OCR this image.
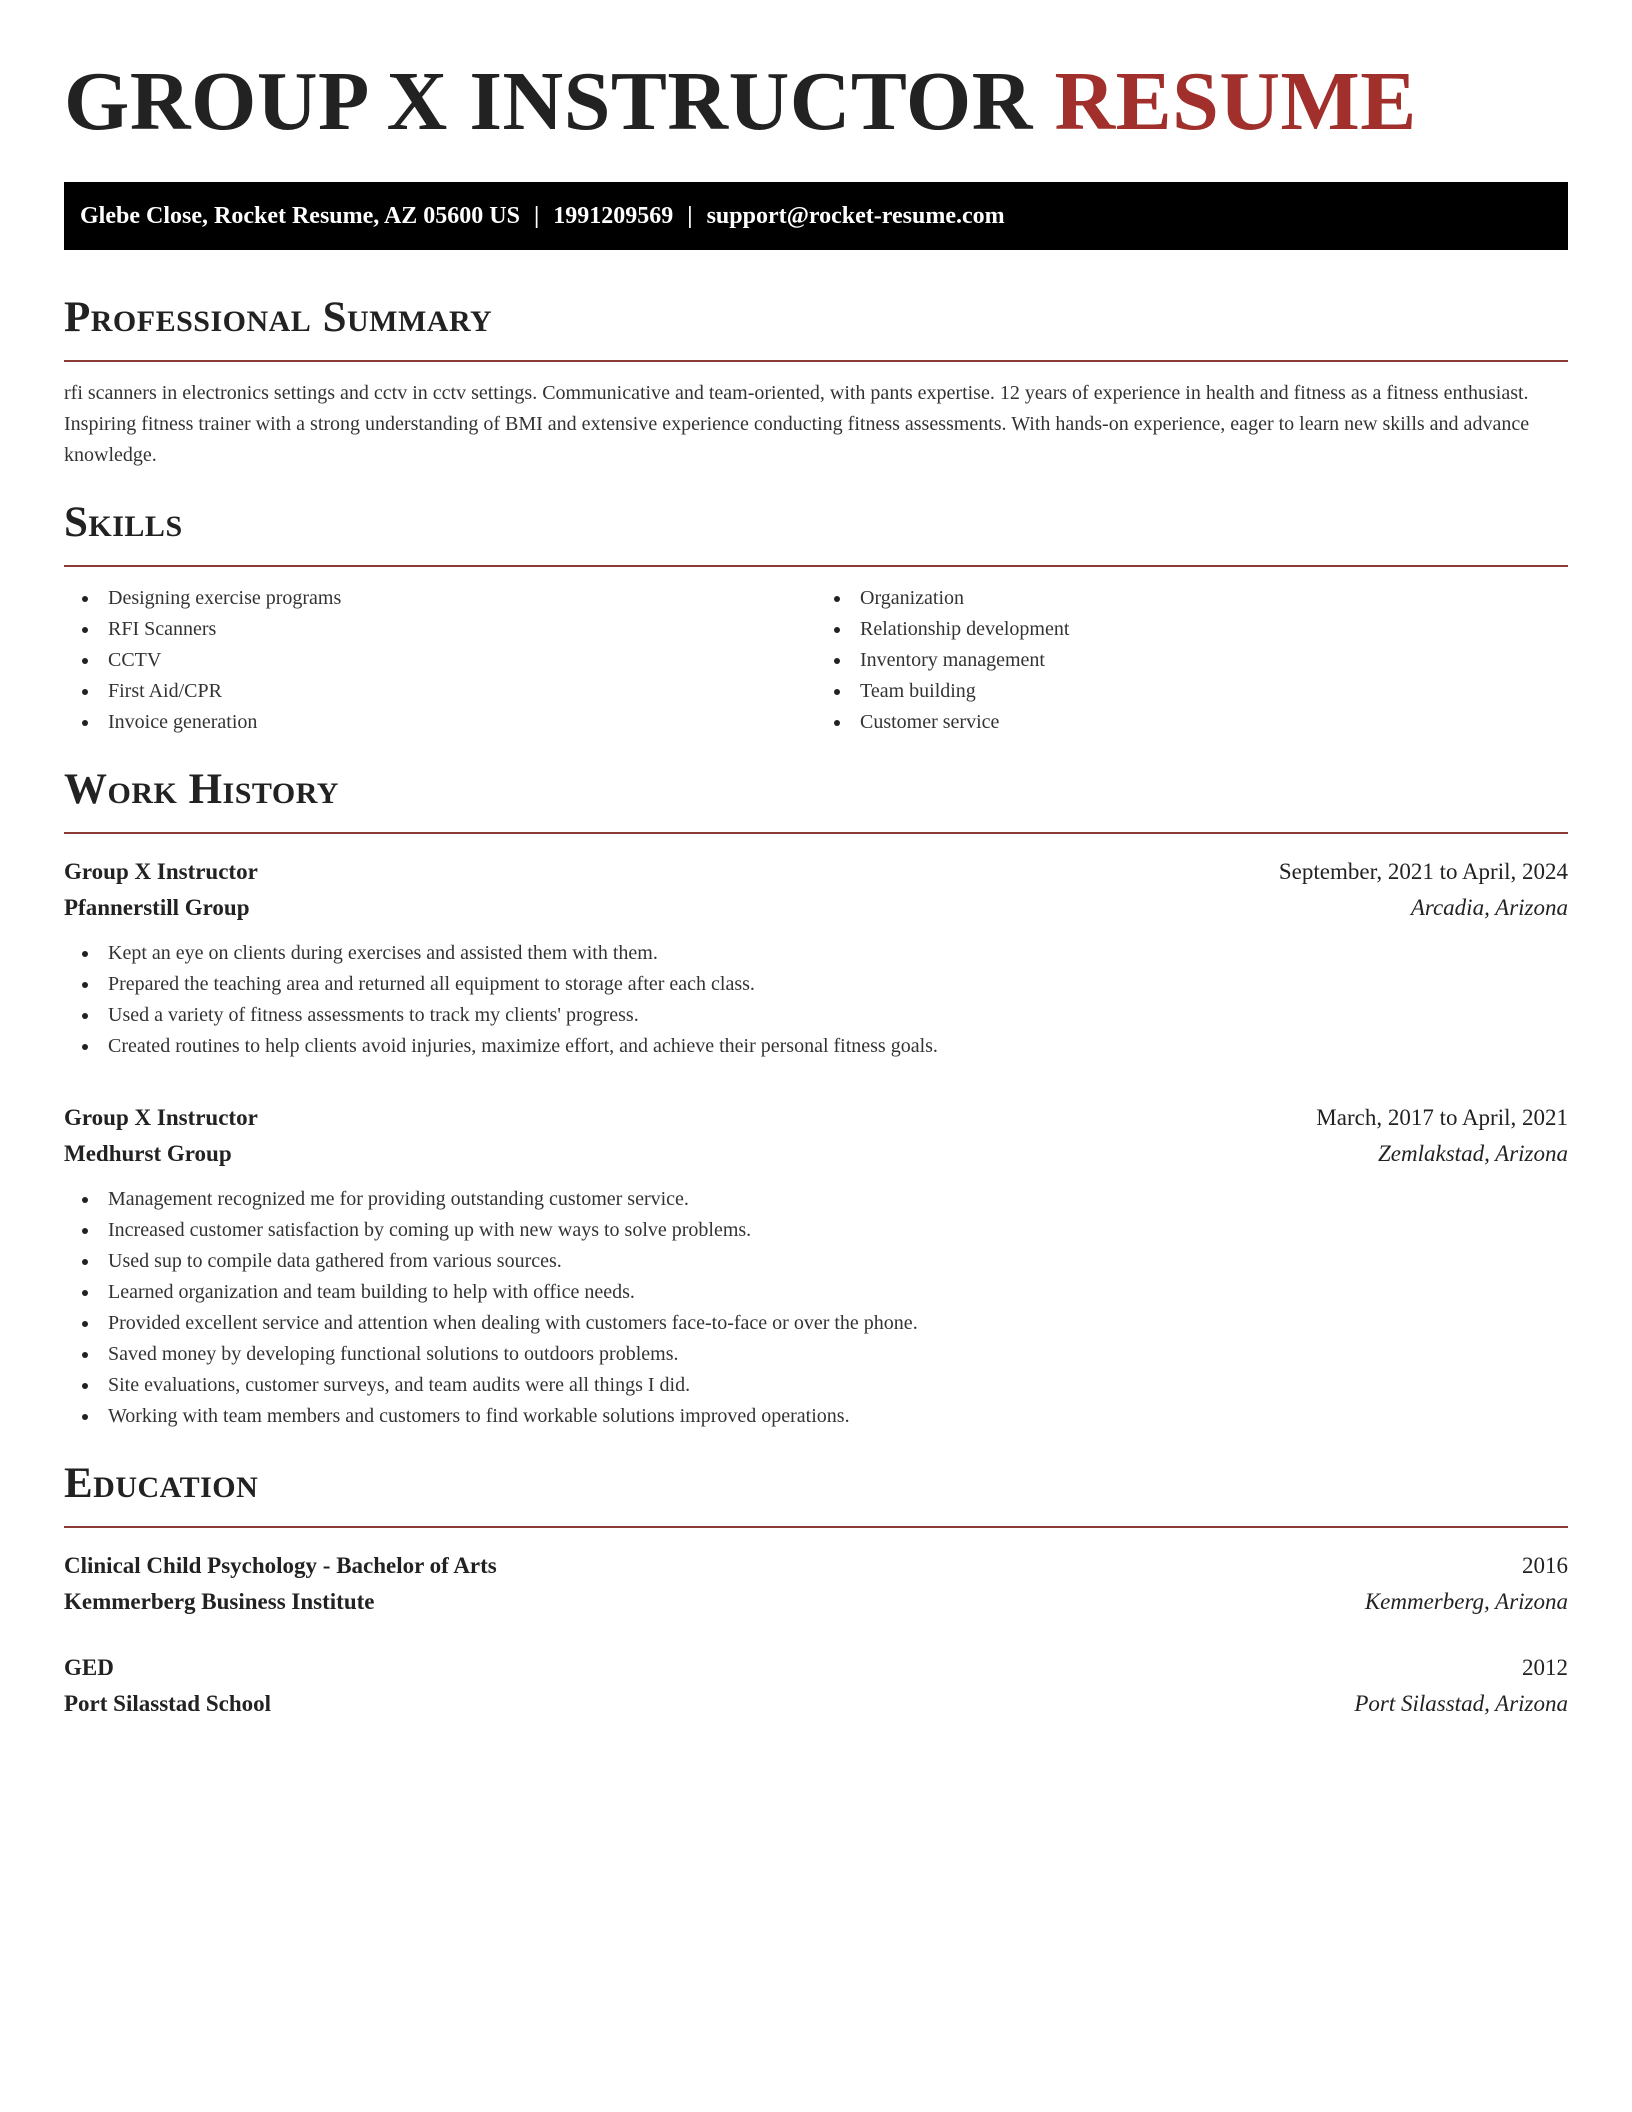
GROUP X INSTRUCTOR RESUME
Glebe Close, Rocket Resume, AZ 05600 US | 1991209569 | support@rocket-resume.com
Professional Summary

rfi scanners in electronics settings and cctv in cctv settings. Communicative and team-oriented, with pants expertise. 12 years of experience in health and fitness as a fitness enthusiast. Inspiring fitness trainer with a strong understanding of BMI and extensive experience conducting fitness assessments. With hands-on experience, eager to learn new skills and advance knowledge.

Skills
Designing exercise programs
RFI Scanners
CCTV
First Aid/CPR
Invoice generation
Organization
Relationship development
Inventory management
Team building
Customer service
Work History
Group X Instructor	September, 2021 to April, 2024
Pfannerstill Group	Arcadia, Arizona
Kept an eye on clients during exercises and assisted them with them.
Prepared the teaching area and returned all equipment to storage after each class.
Used a variety of fitness assessments to track my clients' progress.
Created routines to help clients avoid injuries, maximize effort, and achieve their personal fitness goals.
Group X Instructor	March, 2017 to April, 2021
Medhurst Group	Zemlakstad, Arizona
Management recognized me for providing outstanding customer service.
Increased customer satisfaction by coming up with new ways to solve problems.
Used sup to compile data gathered from various sources.
Learned organization and team building to help with office needs.
Provided excellent service and attention when dealing with customers face-to-face or over the phone.
Saved money by developing functional solutions to outdoors problems.
Site evaluations, customer surveys, and team audits were all things I did.
Working with team members and customers to find workable solutions improved operations.
Education
Clinical Child Psychology - Bachelor of Arts	2016
Kemmerberg Business Institute	Kemmerberg, Arizona
GED	2012
Port Silasstad School	Port Silasstad, Arizona
